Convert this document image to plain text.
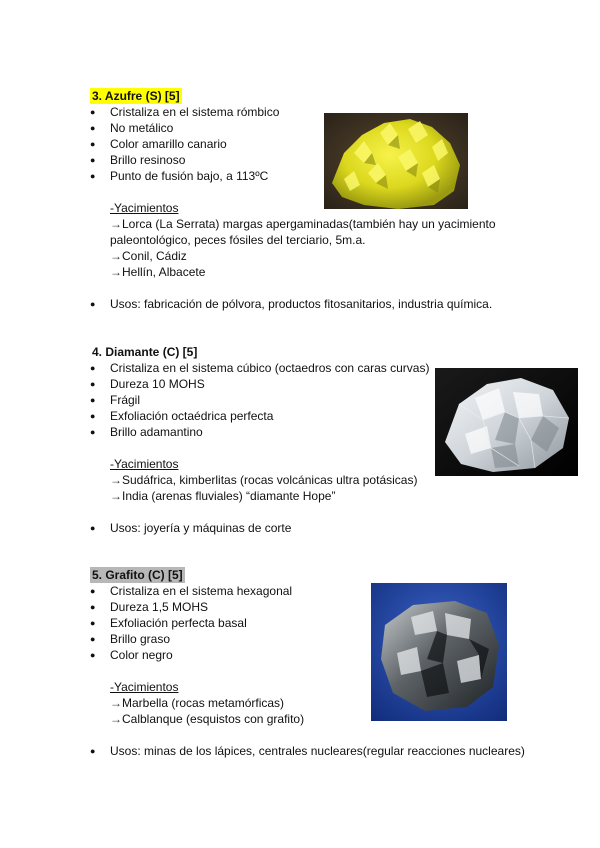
3. Azufre (S) [5]
● Cristaliza en el sistema rómbico
● No metálico
● Color amarillo canario
● Brillo resinoso
● Punto de fusión bajo, a 113ºC
-Yacimientos
→Lorca (La Serrata) margas apergaminadas(también hay un yacimiento
paleontológico, peces fósiles del terciario, 5m.a.
→Conil, Cádiz
→Hellín, Albacete
● Usos: fabricación de pólvora, productos fitosanitarios, industria química.
4. Diamante (C) [5]
● Cristaliza en el sistema cúbico (octaedros con caras curvas)
● Dureza 10 MOHS
● Frágil
● Exfoliación octaédrica perfecta
● Brillo adamantino
-Yacimientos
→Sudáfrica, kimberlitas (rocas volcánicas ultra potásicas)
→India (arenas fluviales) “diamante Hope”
● Usos: joyería y máquinas de corte
5. Grafito (C) [5]
● Cristaliza en el sistema hexagonal
● Dureza 1,5 MOHS
● Exfoliación perfecta basal
● Brillo graso
● Color negro
-Yacimientos
→Marbella (rocas metamórficas)
→Calblanque (esquistos con grafito)
● Usos: minas de los lápices, centrales nucleares(regular reacciones nucleares)
